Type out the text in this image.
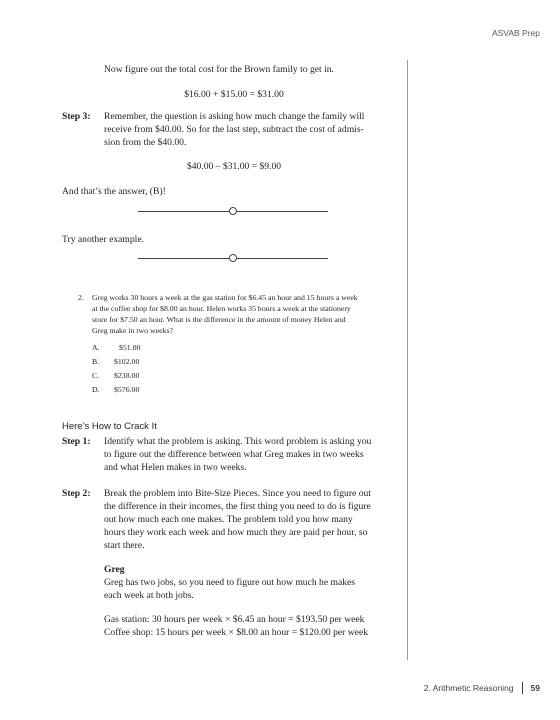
ASVAB Prep
Now figure out the total cost for the Brown family to get in.
$16.00 + $15.00 = $31.00
Step 3: Remember, the question is asking how much change the family will
receive from $40.00. So for the last step, subtract the cost of admis-
sion from the $40.00.
$40.00 – $31.00 = $9.00
And that’s the answer, (B)!
Try another example.
2. Greg works 30 hours a week at the gas station for $6.45 an hour and 15 hours a week
at the coffee shop for $8.00 an hour. Helen works 35 hours a week at the stationery
store for $7.50 an hour. What is the difference in the amount of money Helen and
Greg make in two weeks?
A. $51.00
B. $102.00
C. $238.00
D. $576.00
Here’s How to Crack It
Step 1: Identify what the problem is asking. This word problem is asking you
to figure out the difference between what Greg makes in two weeks
and what Helen makes in two weeks.
Step 2: Break the problem into Bite-Size Pieces. Since you need to figure out
the difference in their incomes, the first thing you need to do is figure
out how much each one makes. The problem told you how many
hours they work each week and how much they are paid per hour, so
start there.
Greg
Greg has two jobs, so you need to figure out how much he makes
each week at both jobs.
Gas station: 30 hours per week × $6.45 an hour = $193.50 per week
Coffee shop: 15 hours per week × $8.00 an hour = $120.00 per week
2. Arithmetic Reasoning 59
